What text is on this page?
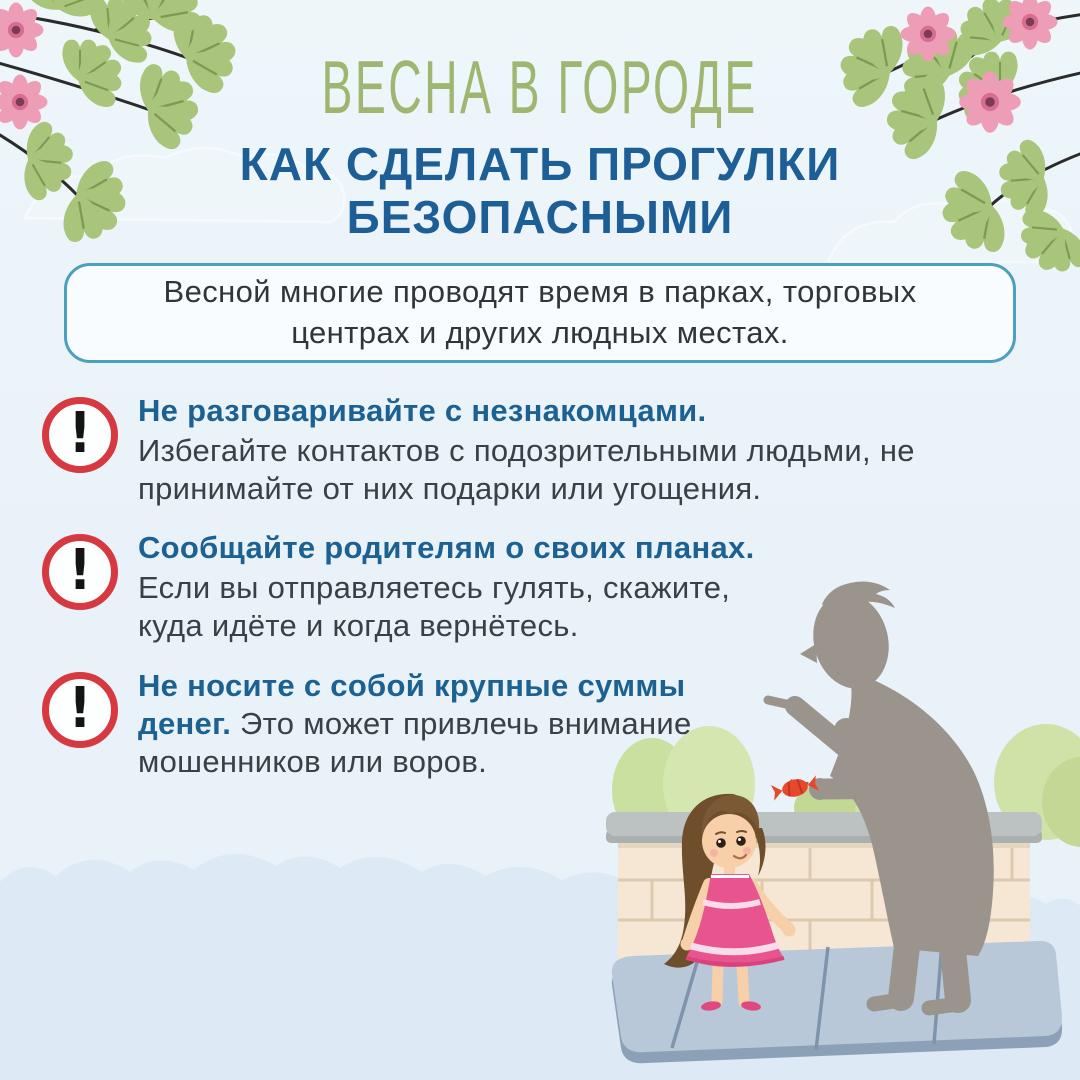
ВЕСНА В ГОРОДЕ
КАК СДЕЛАТЬ ПРОГУЛКИ БЕЗОПАСНЫМИ

Весной многие проводят время в парках, торговых центрах и других людных местах.

! Не разговаривайте с незнакомцами.
Избегайте контактов с подозрительными людьми, не принимайте от них подарки или угощения.
! Сообщайте родителям о своих планах.
Если вы отправляетесь гулять, скажите, куда идёте и когда вернётесь.
! Не носите с собой крупные суммы денег. Это может привлечь внимание мошенников или воров.
